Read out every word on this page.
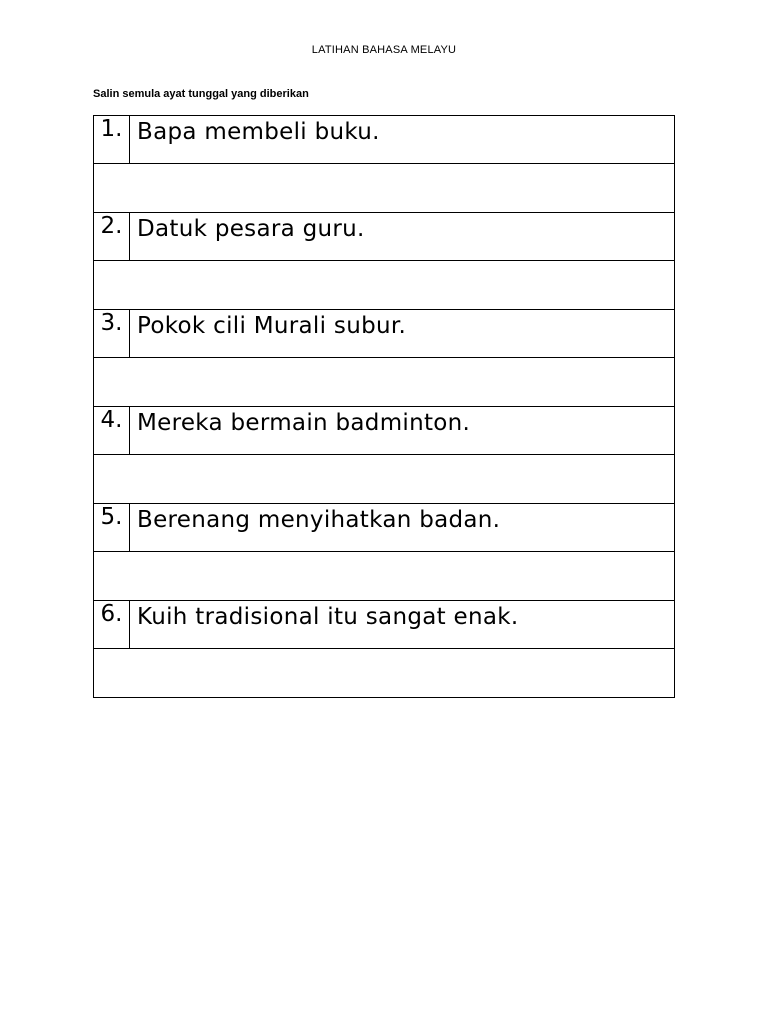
LATIHAN BAHASA MELAYU
Salin semula ayat tunggal yang diberikan
1.	Bapa membeli buku.

2.	Datuk pesara guru.

3.	Pokok cili Murali subur.

4.	Mereka bermain badminton.

5.	Berenang menyihatkan badan.

6.	Kuih tradisional itu sangat enak.
